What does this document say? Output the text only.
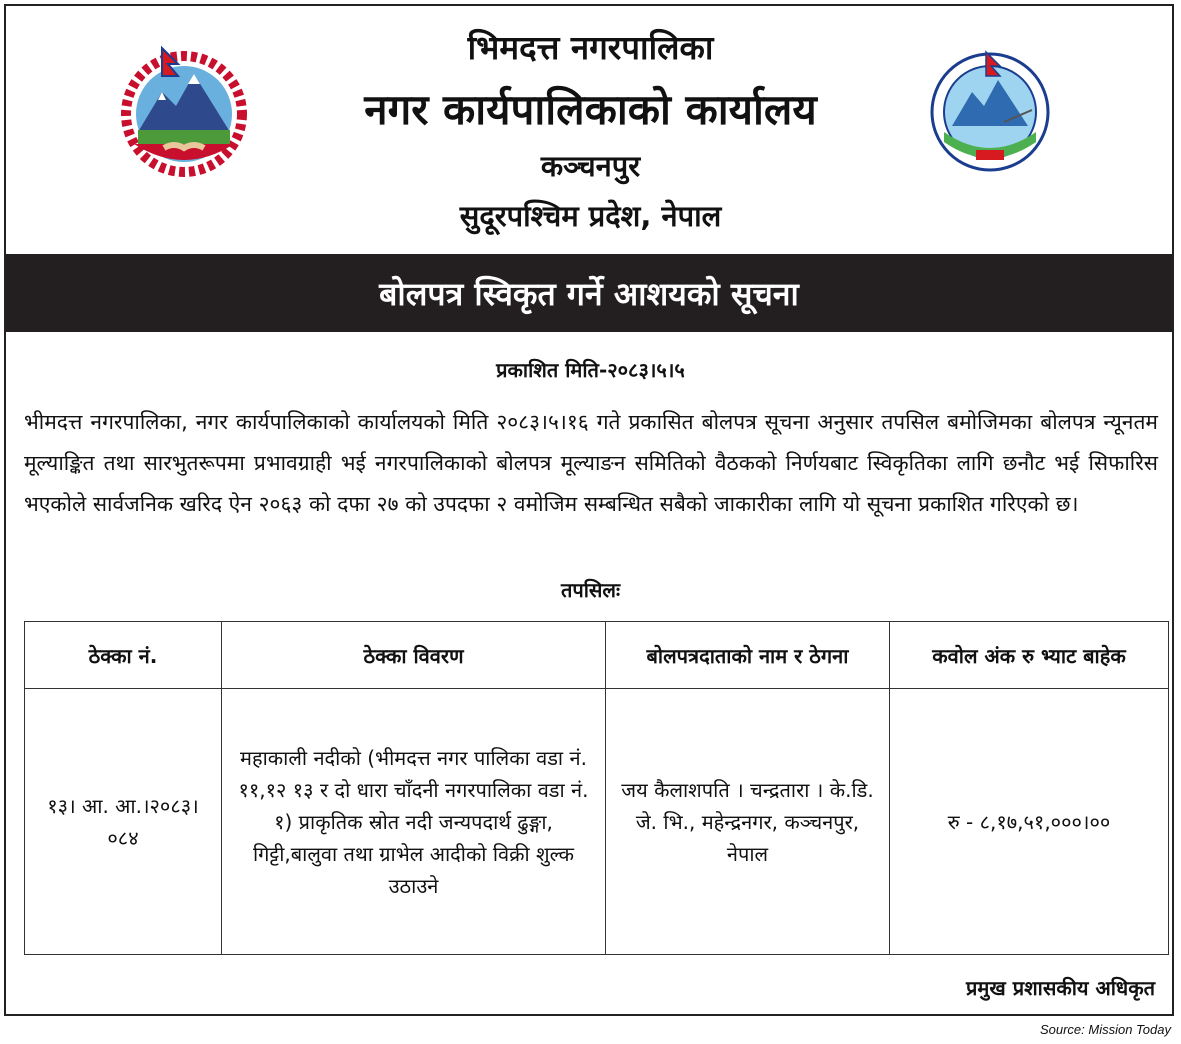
भिमदत्त नगरपालिका
नगर कार्यपालिकाको कार्यालय
कञ्चनपुर
सुदूरपश्चिम प्रदेश, नेपाल
बोलपत्र स्विकृत गर्ने आशयको सूचना
प्रकाशित मिति-२०८३।५।५

भीमदत्त नगरपालिका, नगर कार्यपालिकाको कार्यालयको मिति २०८३।५।१६ गते प्रकासित बोलपत्र सूचना अनुसार तपसिल बमोजिमका बोलपत्र न्यूनतम मूल्याङ्कित तथा सारभुतरूपमा प्रभावग्राही भई नगरपालिकाको बोलपत्र मूल्याङन समितिको वैठकको निर्णयबाट स्विकृतिका लागि छनौट भई सिफारिस भएकोले सार्वजनिक खरिद ऐन २०६३ को दफा २७ को उपदफा २ वमोजिम सम्बन्धित सबैको जाकारीका लागि यो सूचना प्रकाशित गरिएको छ।

तपसिलः
ठेक्का नं.	ठेक्का विवरण	बोलपत्रदाताको नाम र ठेगना	कवोल अंक रु भ्याट बाहेक
१३। आ. आ.।२०८३।०८४	महाकाली नदीको (भीमदत्त नगर पालिका वडा नं. ११,१२ १३ र दो धारा चाँदनी नगरपालिका वडा नं. १) प्राकृतिक स्रोत नदी जन्यपदार्थ ढुङ्गा, गिट्टी,बालुवा तथा ग्राभेल आदीको विक्री शुल्क उठाउने	जय कैलाशपति । चन्द्रतारा । के.डि. जे. भि., महेन्द्रनगर, कञ्चनपुर, नेपाल	रु - ८,१७,५१,०००।००
प्रमुख प्रशासकीय अधिकृत
Source: Mission Today
